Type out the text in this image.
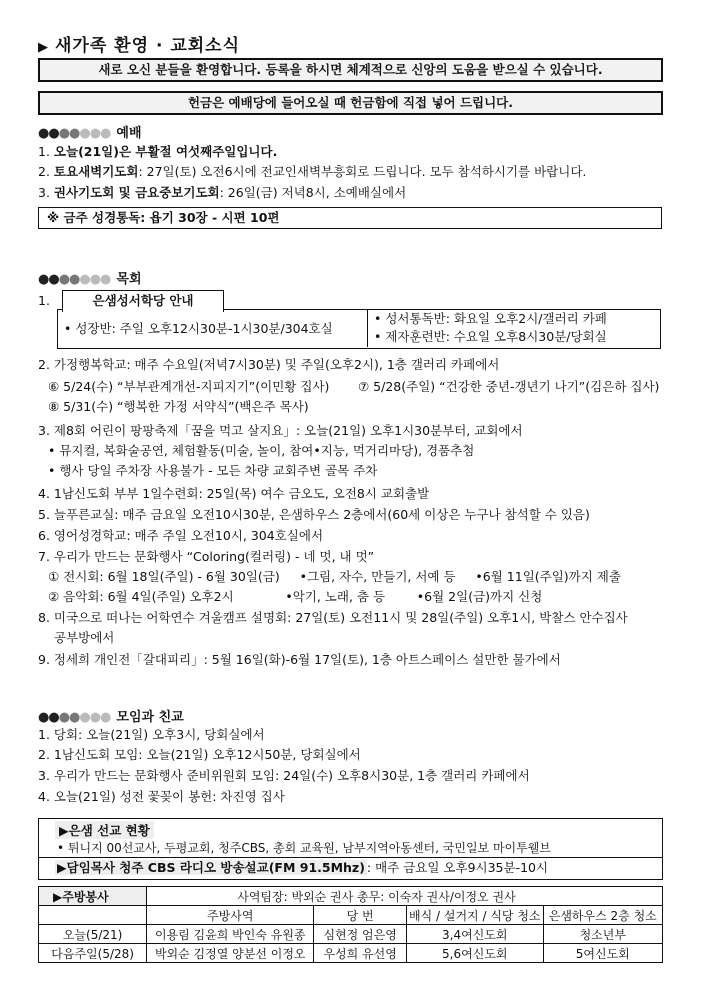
▶ 새가족 환영 · 교회소식
새로 오신 분들을 환영합니다. 등록을 하시면 체계적으로 신앙의 도움을 받으실 수 있습니다.
헌금은 예배당에 들어오실 때 헌금함에 직접 넣어 드립니다.
●●●●●●● 예배
1. 오늘(21일)은 부활절 여섯째주일입니다.
2. 토요새벽기도회: 27일(토) 오전6시에 전교인새벽부흥회로 드립니다. 모두 참석하시기를 바랍니다.
3. 권사기도회 및 금요중보기도회: 26일(금) 저녁8시, 소예배실에서
※ 금주 성경통독: 욥기 30장 - 시편 10편
●●●●●●● 목회
1.	은샘성서학당 안내
• 성장반: 주일 오후12시30분-1시30분/304호실
• 성서통독반: 화요일 오후2시/갤러리 카페
• 제자훈련반: 수요일 오후8시30분/당회실
2. 가정행복학교: 매주 수요일(저녁7시30분) 및 주일(오후2시), 1층 갤러리 카페에서
⑥ 5/24(수) “부부관계개선-지피지기”(이민황 집사) ⑦ 5/28(주일) “건강한 중년-갱년기 나기”(김은하 집사)
⑧ 5/31(수) “행복한 가정 서약식”(백은주 목사)
3. 제8회 어린이 팡팡축제「꿈을 먹고 살지요」: 오늘(21일) 오후1시30분부터, 교회에서
• 뮤지컬, 복화술공연, 체험활동(미술, 놀이, 참여•지능, 먹거리마당), 경품추첨
• 행사 당일 주차장 사용불가 - 모든 차량 교회주변 골목 주차
4. 1남신도회 부부 1일수련회: 25일(목) 여수 금오도, 오전8시 교회출발
5. 늘푸른교실: 매주 금요일 오전10시30분, 은샘하우스 2층에서(60세 이상은 누구나 참석할 수 있음)
6. 영어성경학교: 매주 주일 오전10시, 304호실에서
7. 우리가 만드는 문화행사 “Coloring(컬러링) - 네 멋, 내 멋”
① 전시회: 6월 18일(주일) - 6월 30일(금)     •그림, 자수, 만들기, 서예 등     •6월 11일(주일)까지 제출
② 음악회: 6월 4일(주일) 오후2시             •악기, 노래, 춤 등        •6월 2일(금)까지 신청
8. 미국으로 떠나는 어학연수 겨울캠프 설명회: 27일(토) 오전11시 및 28일(주일) 오후1시, 박찰스 안수집사
공부방에서
9. 정세희 개인전「갈대피리」: 5월 16일(화)-6월 17일(토), 1층 아트스페이스 설만한 물가에서
●●●●●●● 모임과 친교
1. 당회: 오늘(21일) 오후3시, 당회실에서
2. 1남신도회 모임: 오늘(21일) 오후12시50분, 당회실에서
3. 우리가 만드는 문화행사 준비위원회 모임: 24일(수) 오후8시30분, 1층 갤러리 카페에서
4. 오늘(21일) 성전 꽃꽂이 봉헌: 차진영 집사
▶은샘 선교 현황
• 튀니지 00선교사, 두평교회, 청주CBS, 총회 교육원, 남부지역아동센터, 국민일보 마이투웰브
▶담임목사 청주 CBS 라디오 방송설교(FM 91.5Mhz) : 매주 금요일 오후9시35분-10시
▶주방봉사	사역팀장: 박외순 권사 총무: 이숙자 권사/이정오 권사			
	주방사역	당 번	배식 / 설거지 / 식당 청소	은샘하우스 2층 청소
오늘(5/21)	이용림 김윤희 박인숙 유원종	심현정 엄은영	3,4여신도회	청소년부
다음주일(5/28)	박외순 김정열 양분선 이정오	우성희 유선영	5,6여신도회	5여신도회
